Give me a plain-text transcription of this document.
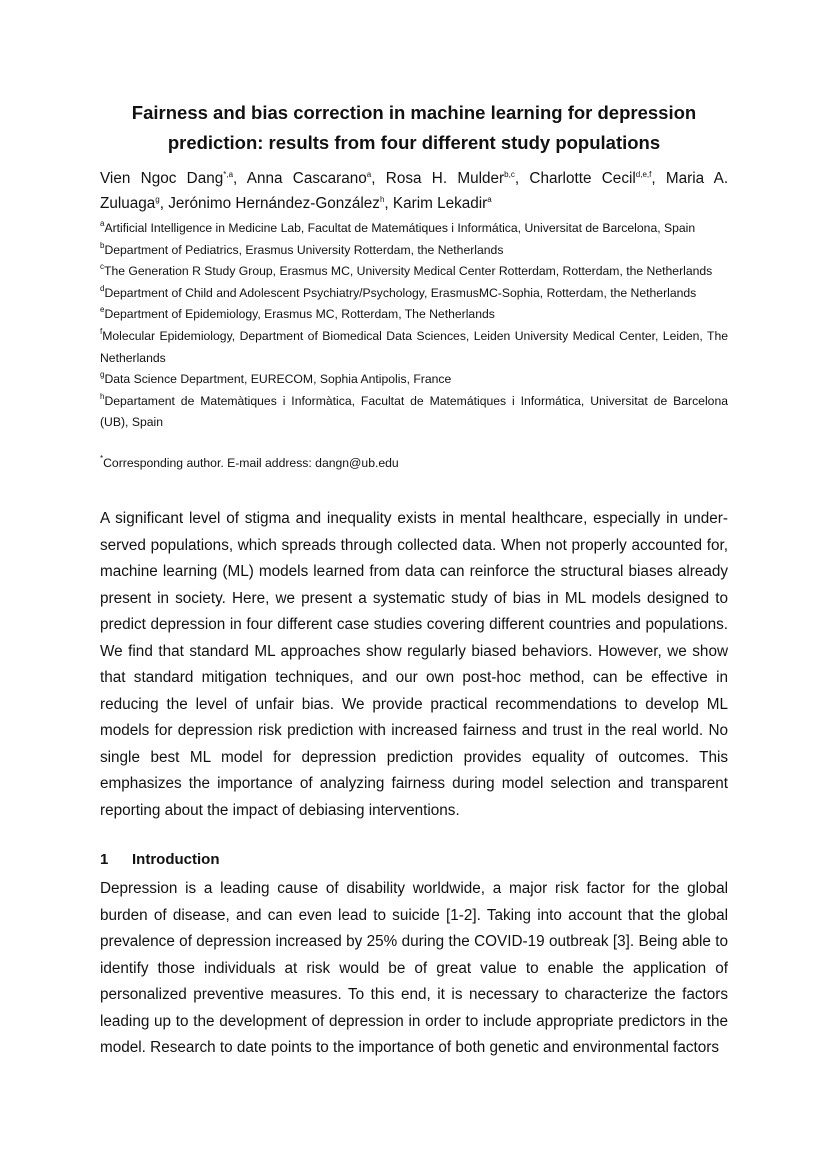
Fairness and bias correction in machine learning for depression prediction: results from four different study populations
Vien Ngoc Dang$^{*,a}$, Anna Cascarano$^a$, Rosa H. Mulder$^{b,c}$, Charlotte Cecil$^{d,e,f}$, Maria A. Zuluaga$^g$, Jerónimo Hernández-González$^h$, Karim Lekadir$^a$

$^a$Artificial Intelligence in Medicine Lab, Facultat de Matemátiques i Informática, Universitat de Barcelona, Spain

$^b$Department of Pediatrics, Erasmus University Rotterdam, the Netherlands

$^c$The Generation R Study Group, Erasmus MC, University Medical Center Rotterdam, Rotterdam, the Netherlands

$^d$Department of Child and Adolescent Psychiatry/Psychology, ErasmusMC-Sophia, Rotterdam, the Netherlands

$^e$Department of Epidemiology, Erasmus MC, Rotterdam, The Netherlands

$^f$Molecular Epidemiology, Department of Biomedical Data Sciences, Leiden University Medical Center, Leiden, The Netherlands

$^g$Data Science Department, EURECOM, Sophia Antipolis, France

$^h$Departament de Matemàtiques i Informàtica, Facultat de Matemátiques i Informática, Universitat de Barcelona (UB), Spain

*Corresponding author. E-mail address: dangn@ub.edu

A significant level of stigma and inequality exists in mental healthcare, especially in under-served populations, which spreads through collected data. When not properly accounted for, machine learning (ML) models learned from data can reinforce the structural biases already present in society. Here, we present a systematic study of bias in ML models designed to predict depression in four different case studies covering different countries and populations. We find that standard ML approaches show regularly biased behaviors. However, we show that standard mitigation techniques, and our own post-hoc method, can be effective in reducing the level of unfair bias. We provide practical recommendations to develop ML models for depression risk prediction with increased fairness and trust in the real world. No single best ML model for depression prediction provides equality of outcomes. This emphasizes the importance of analyzing fairness during model selection and transparent reporting about the impact of debiasing interventions.

1 Introduction

Depression is a leading cause of disability worldwide, a major risk factor for the global burden of disease, and can even lead to suicide [1-2]. Taking into account that the global prevalence of depression increased by 25% during the COVID-19 outbreak [3]. Being able to identify those individuals at risk would be of great value to enable the application of personalized preventive measures. To this end, it is necessary to characterize the factors leading up to the development of depression in order to include appropriate predictors in the model. Research to date points to the importance of both genetic and environmental factors
